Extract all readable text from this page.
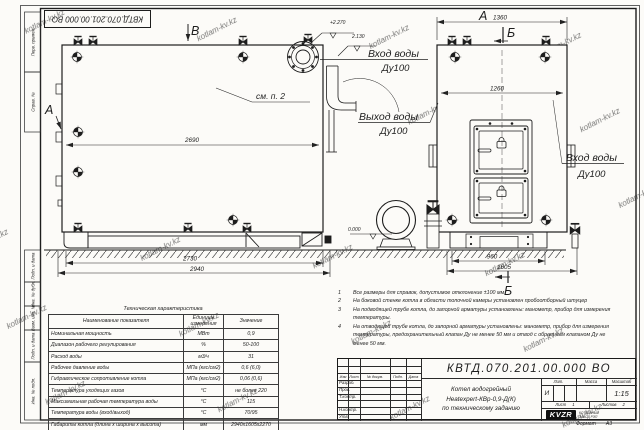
Перв. примен.
Справ. №
Подп. и дата
Инв. № дубл.
Взам. инв. №
Подп. и дата
Инв. № подл.
КВТД.070.201.00.000 ВО
2690
2730
2940
1360
1260
960
1605
+2.270
2.130
0.000
В
А
А
Б
Б
см. п. 2
Вход воды
Ду100
Выход воды
Ду100
Вход воды
Ду100
Техническая характеристика
Наименование показателя	Единицы измерения	Значение
Номинальная мощность	МВт	0,9
Диапазон рабочего регулирования	%	50-100
Расход воды	м3/ч	31
Рабочее давление воды	МПа (кгс/см2)	0,6 (6,0)
Гидравлическое сопротивление котла	МПа (кгс/см2)	0,06 (0,6)
Температура уходящих газов	°С	не более 220
Максимальная рабочая температура воды	°С	115
Температура воды (вход/выход)	°С	70/95
Габариты котла (длина х ширина х высота)	мм	2940х1605х2270
1	Все размеры для справок, допустимое отклонение ±100 мм.
2	На боковой стенке котла в области топочной камеры установлен пробоотборный штуцер
3	На подводящей трубе котла, до запорной арматуры установлены: манометр, прибор для измерения температуры.
4	На отводящей трубе котла, до запорной арматуры установлены: манометр, прибор для измерения температуры, предохранительный клапан Ду не менее 50 мм и отвод с обратным клапаном Ду не менее 50 мм.
КВТД.070.201.00.000 ВО
Изм Лист	№ докум.	Подп.	Дата
Разраб.
Пров.
Т.контр.
Н.контр.
Утв.
Котел водогрейный
Heatexpert-КВр-0,9-Д(К)
по техническому заданию
Лит.	Масса	Масштаб
И	1:15
Лист 1	Листов 2
KVZR	КОТЕЛЬНЫЙ
ЗАВОД РЭП
Формат А3
